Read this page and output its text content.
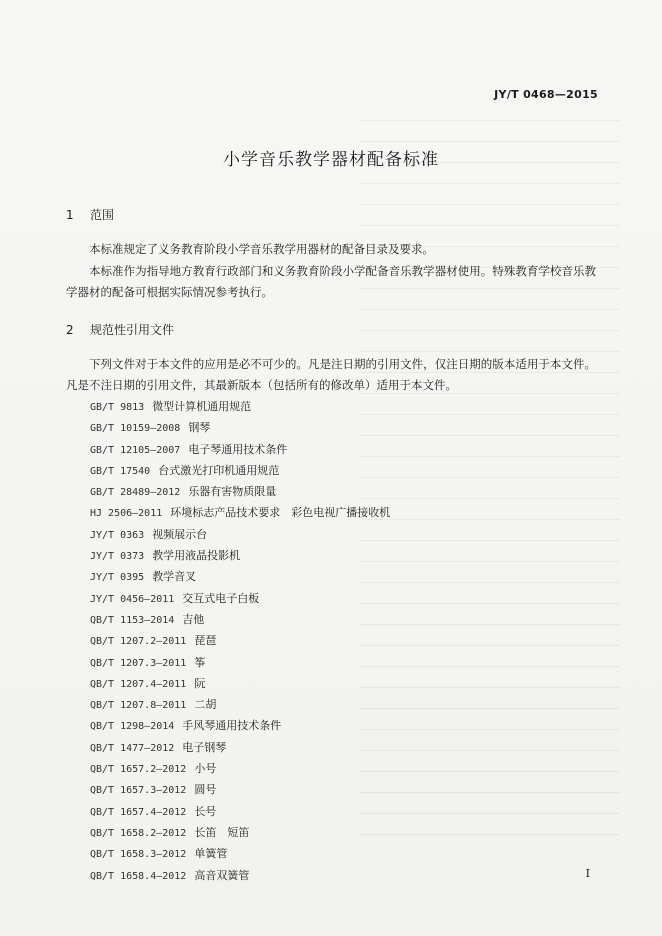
JY/T 0468—2015
小学音乐教学器材配备标准
1 范围
本标准规定了义务教育阶段小学音乐教学用器材的配备目录及要求。
本标准作为指导地方教育行政部门和义务教育阶段小学配备音乐教学器材使用。特殊教育学校音乐教学器材的配备可根据实际情况参考执行。
2 规范性引用文件
下列文件对于本文件的应用是必不可少的。凡是注日期的引用文件，仅注日期的版本适用于本文件。凡是不注日期的引用文件，其最新版本（包括所有的修改单）适用于本文件。
GB/T 9813 微型计算机通用规范
GB/T 10159—2008 钢琴
GB/T 12105—2007 电子琴通用技术条件
GB/T 17540 台式激光打印机通用规范
GB/T 28489—2012 乐器有害物质限量
HJ 2506—2011 环境标志产品技术要求　彩色电视广播接收机
JY/T 0363 视频展示台
JY/T 0373 教学用液晶投影机
JY/T 0395 教学音叉
JY/T 0456—2011 交互式电子白板
QB/T 1153—2014 吉他
QB/T 1207.2—2011 琵琶
QB/T 1207.3—2011 筝
QB/T 1207.4—2011 阮
QB/T 1207.8—2011 二胡
QB/T 1298—2014 手风琴通用技术条件
QB/T 1477—2012 电子钢琴
QB/T 1657.2—2012 小号
QB/T 1657.3—2012 圆号
QB/T 1657.4—2012 长号
QB/T 1658.2—2012 长笛　短笛
QB/T 1658.3—2012 单簧管
QB/T 1658.4—2012 高音双簧管	I
